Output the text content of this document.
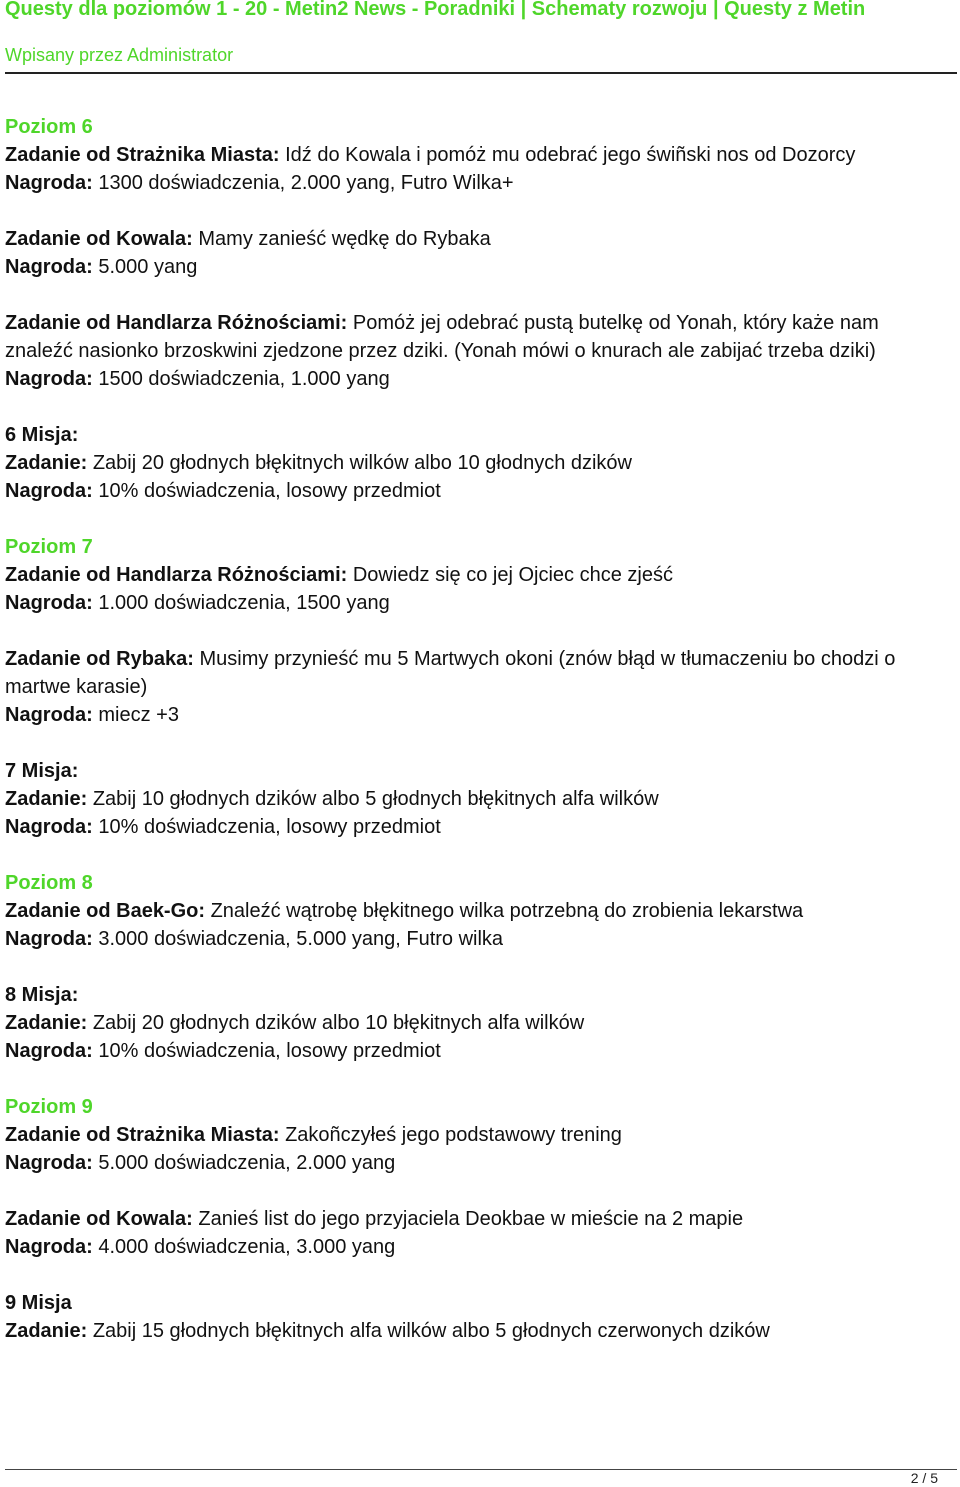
Questy dla poziomów 1 - 20 - Metin2 News - Poradniki | Schematy rozwoju | Questy z Metin
Wpisany przez Administrator
Poziom 6
Zadanie od Strażnika Miasta: Idź do Kowala i pomóż mu odebrać jego świñski nos od Dozorcy
Nagroda: 1300 doświadczenia, 2.000 yang, Futro Wilka+
Zadanie od Kowala: Mamy zanieść wędkę do Rybaka
Nagroda: 5.000 yang
Zadanie od Handlarza Różnościami: Pomóż jej odebrać pustą butelkę od Yonah, który każe nam znaleźć nasionko brzoskwini zjedzone przez dziki. (Yonah mówi o knurach ale zabijać trzeba dziki)
Nagroda: 1500 doświadczenia, 1.000 yang
6 Misja:
Zadanie: Zabij 20 głodnych błękitnych wilków albo 10 głodnych dzików
Nagroda: 10% doświadczenia, losowy przedmiot
Poziom 7
Zadanie od Handlarza Różnościami: Dowiedz się co jej Ojciec chce zjeść
Nagroda: 1.000 doświadczenia, 1500 yang
Zadanie od Rybaka: Musimy przynieść mu 5 Martwych okoni (znów błąd w tłumaczeniu bo chodzi o martwe karasie)
Nagroda: miecz +3
7 Misja:
Zadanie: Zabij 10 głodnych dzików albo 5 głodnych błękitnych alfa wilków
Nagroda: 10% doświadczenia, losowy przedmiot
Poziom 8
Zadanie od Baek-Go: Znaleźć wątrobę błękitnego wilka potrzebną do zrobienia lekarstwa
Nagroda: 3.000 doświadczenia, 5.000 yang, Futro wilka
8 Misja:
Zadanie: Zabij 20 głodnych dzików albo 10 błękitnych alfa wilków
Nagroda: 10% doświadczenia, losowy przedmiot
Poziom 9
Zadanie od Strażnika Miasta: Zakoñczyłeś jego podstawowy trening
Nagroda: 5.000 doświadczenia, 2.000 yang
Zadanie od Kowala: Zanieś list do jego przyjaciela Deokbae w mieście na 2 mapie
Nagroda: 4.000 doświadczenia, 3.000 yang
9 Misja
Zadanie: Zabij 15 głodnych błękitnych alfa wilków albo 5 głodnych czerwonych dzików
2 / 5
